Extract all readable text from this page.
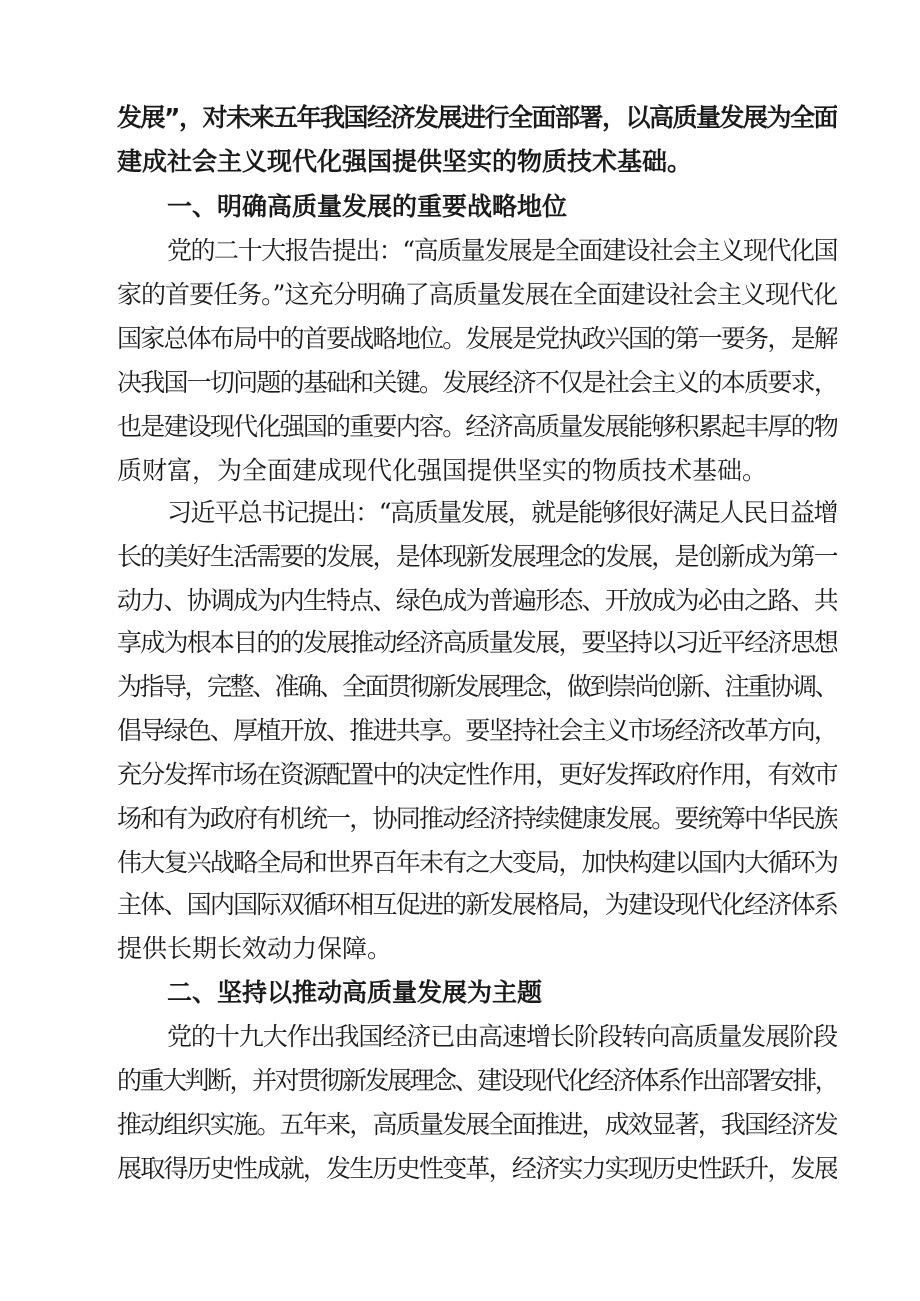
发展”，对未来五年我国经济发展进行全面部署，以高质量发展为全面
建成社会主义现代化强国提供坚实的物质技术基础。
一、明确高质量发展的重要战略地位
党的二十大报告提出：“高质量发展是全面建设社会主义现代化国
家的首要任务。”这充分明确了高质量发展在全面建设社会主义现代化
国家总体布局中的首要战略地位。发展是党执政兴国的第一要务，是解
决我国一切问题的基础和关键。发展经济不仅是社会主义的本质要求，
也是建设现代化强国的重要内容。经济高质量发展能够积累起丰厚的物
质财富，为全面建成现代化强国提供坚实的物质技术基础。
习近平总书记提出：“高质量发展，就是能够很好满足人民日益增
长的美好生活需要的发展，是体现新发展理念的发展，是创新成为第一
动力、协调成为内生特点、绿色成为普遍形态、开放成为必由之路、共
享成为根本目的的发展推动经济高质量发展，要坚持以习近平经济思想
为指导，完整、准确、全面贯彻新发展理念，做到崇尚创新、注重协调、
倡导绿色、厚植开放、推进共享。要坚持社会主义市场经济改革方向，
充分发挥市场在资源配置中的决定性作用，更好发挥政府作用，有效市
场和有为政府有机统一，协同推动经济持续健康发展。要统筹中华民族
伟大复兴战略全局和世界百年未有之大变局，加快构建以国内大循环为
主体、国内国际双循环相互促进的新发展格局，为建设现代化经济体系
提供长期长效动力保障。
二、坚持以推动高质量发展为主题
党的十九大作出我国经济已由高速增长阶段转向高质量发展阶段
的重大判断，并对贯彻新发展理念、建设现代化经济体系作出部署安排，
推动组织实施。五年来，高质量发展全面推进，成效显著，我国经济发
展取得历史性成就，发生历史性变革，经济实力实现历史性跃升，发展
